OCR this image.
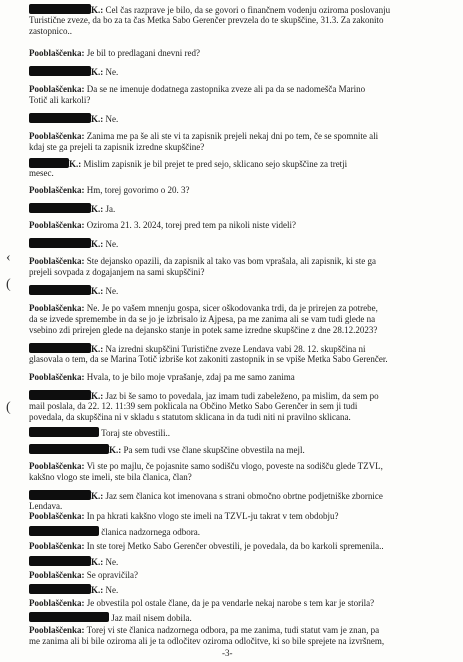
K.: Cel čas razprave je bilo, da se govori o finančnem vodenju oziroma poslovanju
Turistične zveze, da bo za ta čas Metka Sabo Gerenčer prevzela do te skupščine, 31.3. Za zakonito
zastopnico..
Pooblaščenka: Je bil to predlagani dnevni red?
K.: Ne.
Pooblaščenka: Da se ne imenuje dodatnega zastopnika zveze ali pa da se nadomešča Marino
Totič ali karkoli?
K.: Ne.
Pooblaščenka: Zanima me pa še ali ste vi ta zapisnik prejeli nekaj dni po tem, če se spomnite ali
kdaj ste ga prejeli ta zapisnik izredne skupščine?
K.: Mislim zapisnik je bil prejet te pred sejo, sklicano sejo skupščine za tretji
mesec.
Pooblaščenka: Hm, torej govorimo o 20. 3?
K.: Ja.
Pooblaščenka: Oziroma 21. 3. 2024, torej pred tem pa nikoli niste videli?
K.: Ne.
Pooblaščenka: Ste dejansko opazili, da zapisnik al tako vas bom vprašala, ali zapisnik, ki ste ga
prejeli sovpada z dogajanjem na sami skupščini?
K.: Ne.
Pooblaščenka: Ne. Je po vašem mnenju gospa, sicer oškodovanka trdi, da je prirejen za potrebe,
da se izvede spremembe in da se jo je izbrisalo iz Ajpesa, pa me zanima ali se vam tudi glede na
vsebino zdi prirejen glede na dejansko stanje in potek same izredne skupščine z dne 28.12.2023?
K.: Na izredni skupščini Turistične zveze Lendava vabi 28. 12. skupščina ni
glasovala o tem, da se Marina Totič izbriše kot zakoniti zastopnik in se vpiše Metka Sabo Gerenčer.
Pooblaščenka: Hvala, to je bilo moje vprašanje, zdaj pa me samo zanima
K.: Jaz bi še samo to povedala, jaz imam tudi zabeleženo, pa mislim, da sem po
mail poslala, da 22. 12. 11:39 sem poklicala na Občino Metko Sabo Gerenčer in sem ji tudi
povedala, da skupščina ni v skladu s statutom sklicana in da tudi niti ni pravilno sklicana.
Toraj ste obvestili..
K.: Pa sem tudi vse člane skupščine obvestila na mejl.
Pooblaščenka: Vi ste po majlu, če pojasnite samo sodišču vlogo, poveste na sodišču glede TZVL,
kakšno vlogo ste imeli, ste bila članica, član?
K.: Jaz sem članica kot imenovana s strani območno obrtne podjetniške zbornice
Lendava.
Pooblaščenka: In pa hkrati kakšno vlogo ste imeli na TZVL-ju takrat v tem obdobju?
članica nadzornega odbora.
Pooblaščenka: In ste torej Metko Sabo Gerenčer obvestili, je povedala, da bo karkoli spremenila..
K.: Ne.
Pooblaščenka: Se opravičila?
K.: Ne.
Pooblaščenka: Je obvestila pol ostale člane, da je pa vendarle nekaj narobe s tem kar je storila?
Jaz mail nisem dobila.
Pooblaščenka: Torej vi ste članica nadzornega odbora, pa me zanima, tudi statut vam je znan, pa
me zanima ali bi bile oziroma ali je ta odločitev oziroma odločitve, ki so bile sprejete na izvršnem,
‹
(
(
-3-
